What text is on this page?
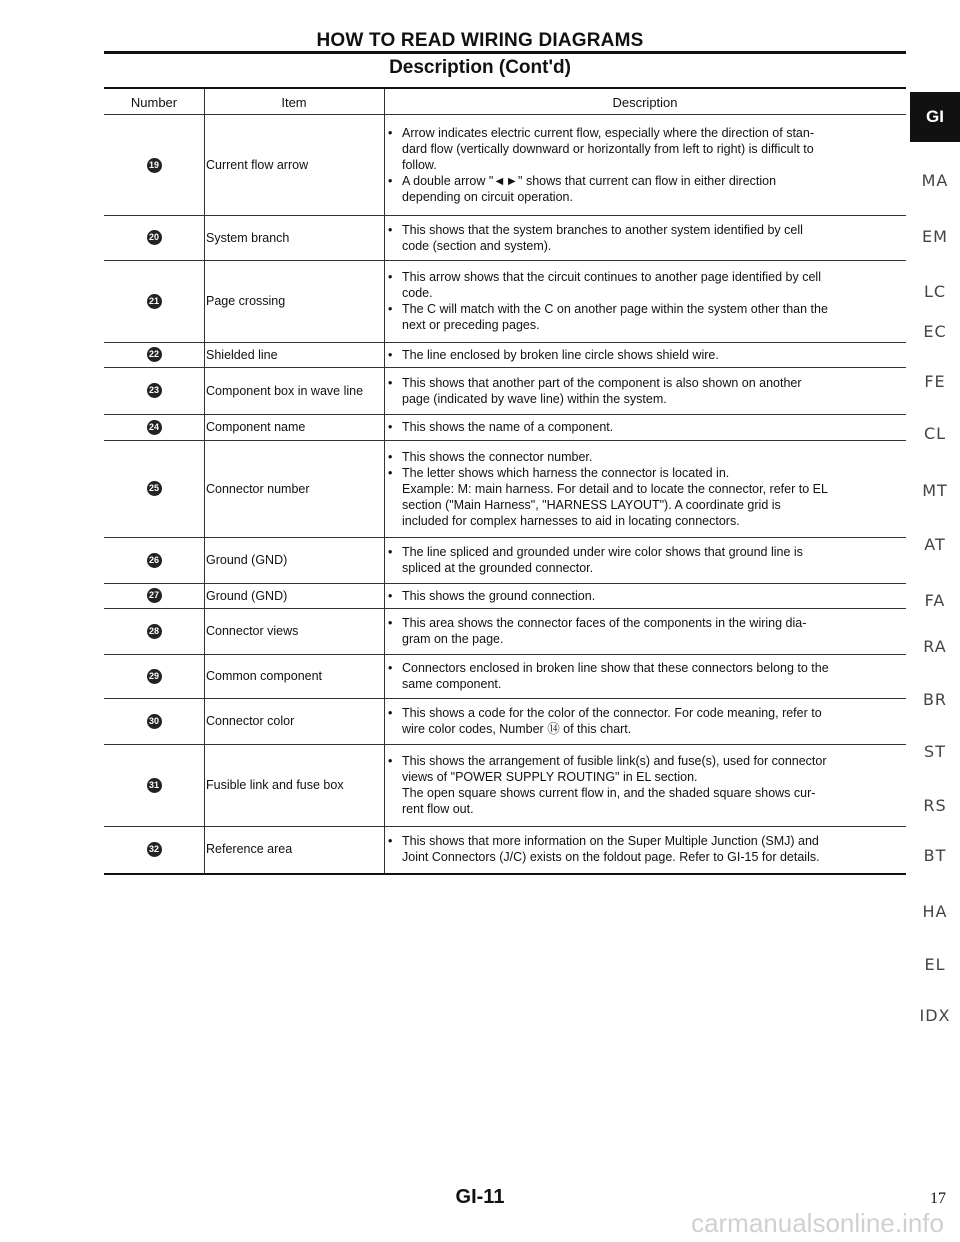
HOW TO READ WIRING DIAGRAMS
Description (Cont'd)
Number	Item	Description
19	Current flow arrow
• Arrow indicates electric current flow, especially where the direction of stan-
dard flow (vertically downward or horizontally from left to right) is difficult to
follow.
• A double arrow "◄►" shows that current can flow in either direction
depending on circuit operation.
20	System branch
• This shows that the system branches to another system identified by cell
code (section and system).
21	Page crossing
• This arrow shows that the circuit continues to another page identified by cell
code.
• The C will match with the C on another page within the system other than the
next or preceding pages.
22	Shielded line	• The line enclosed by broken line circle shows shield wire.
23	Component box in wave line
• This shows that another part of the component is also shown on another
page (indicated by wave line) within the system.
24	Component name	• This shows the name of a component.
25	Connector number
• This shows the connector number.
• The letter shows which harness the connector is located in.
Example: M: main harness. For detail and to locate the connector, refer to EL
section ("Main Harness", "HARNESS LAYOUT"). A coordinate grid is
included for complex harnesses to aid in locating connectors.
26	Ground (GND)
• The line spliced and grounded under wire color shows that ground line is
spliced at the grounded connector.
27	Ground (GND)	• This shows the ground connection.
28	Connector views
• This area shows the connector faces of the components in the wiring dia-
gram on the page.
29	Common component
• Connectors enclosed in broken line show that these connectors belong to the
same component.
30	Connector color
• This shows a code for the color of the connector. For code meaning, refer to
wire color codes, Number ⑭ of this chart.
31	Fusible link and fuse box
• This shows the arrangement of fusible link(s) and fuse(s), used for connector
views of "POWER SUPPLY ROUTING" in EL section.
The open square shows current flow in, and the shaded square shows cur-
rent flow out.
32	Reference area
• This shows that more information on the Super Multiple Junction (SMJ) and
Joint Connectors (J/C) exists on the foldout page. Refer to GI-15 for details.
GI
MA
EM
LC
EC
FE
CL
MT
AT
FA
RA
BR
ST
RS
BT
HA
EL
IDX
GI-11	17
carmanualsonline.info
